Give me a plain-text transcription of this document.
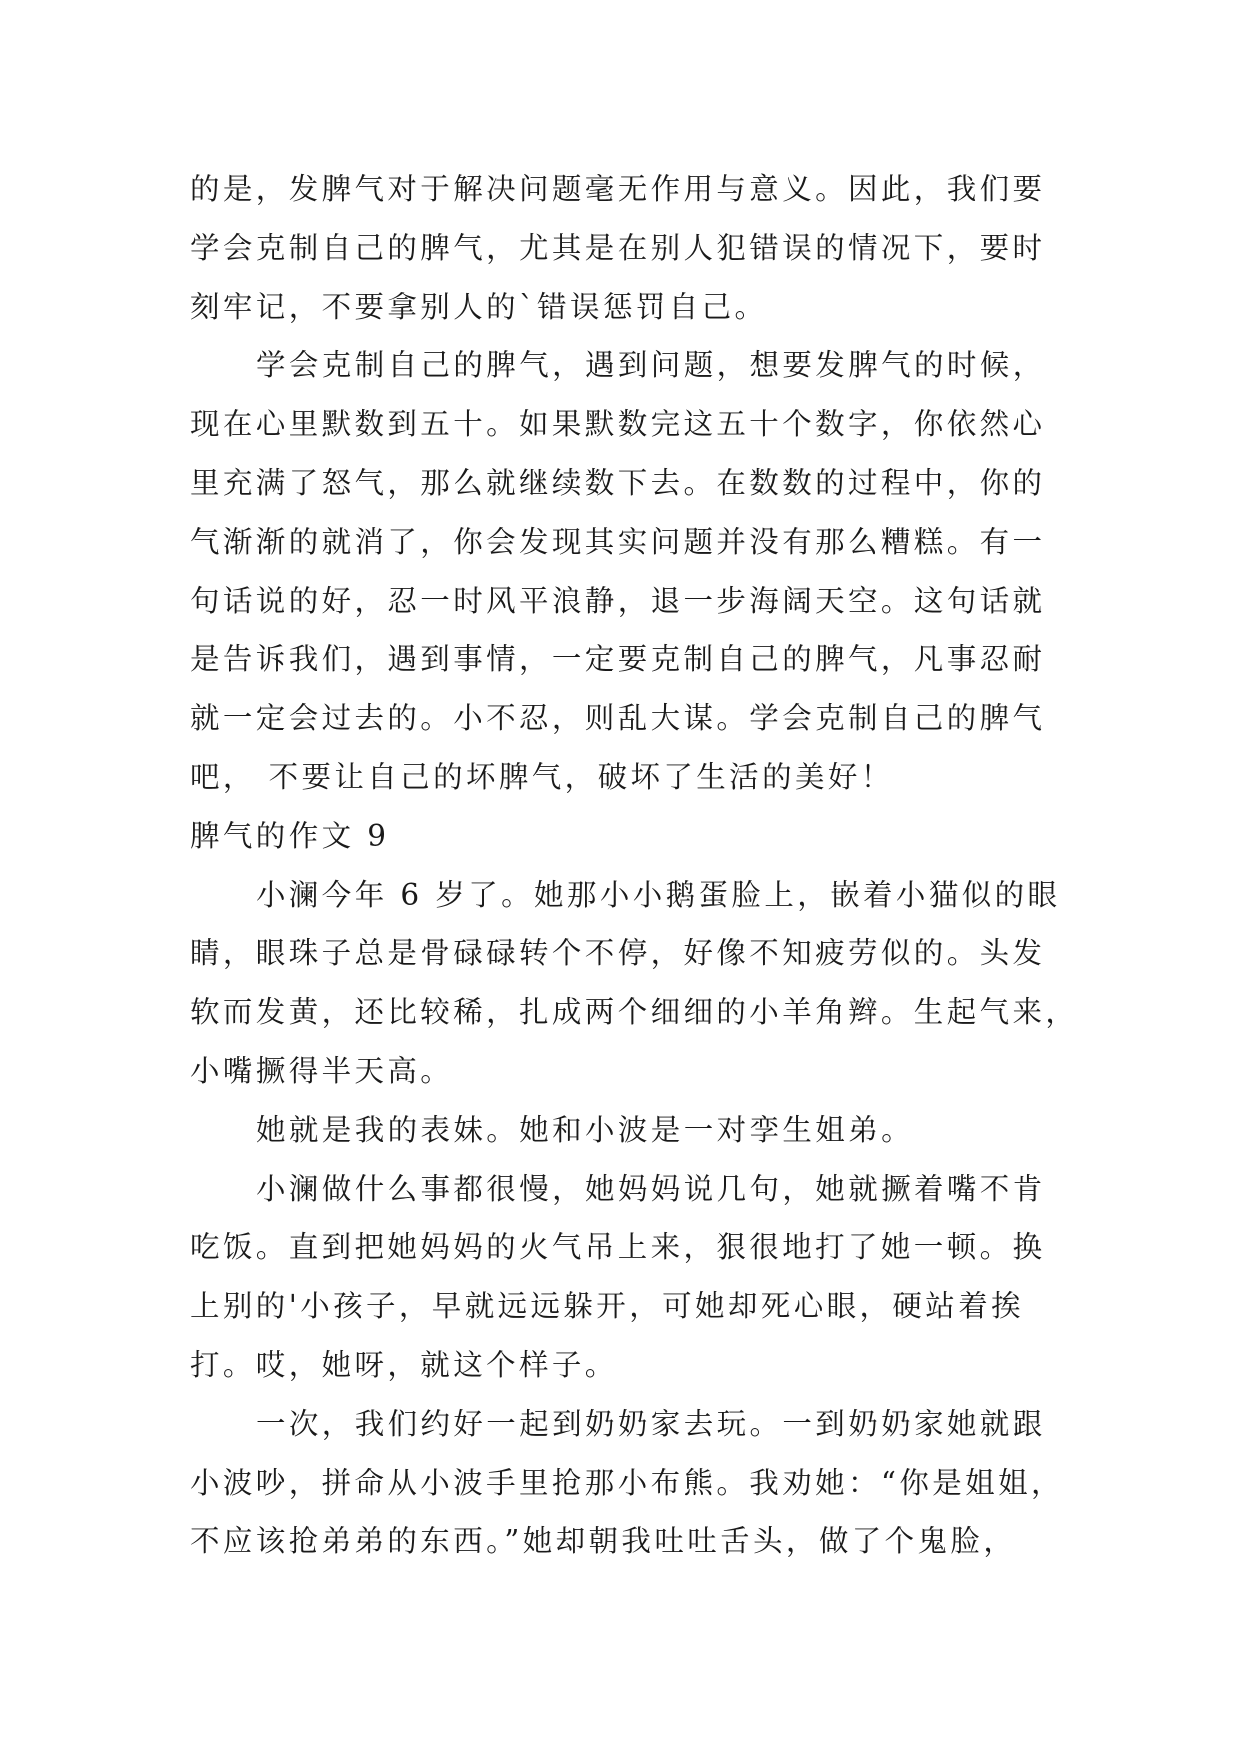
的是，发脾气对于解决问题毫无作用与意义。因此，我们要

学会克制自己的脾气，尤其是在别人犯错误的情况下，要时

刻牢记，不要拿别人的`错误惩罚自己。

学会克制自己的脾气，遇到问题，想要发脾气的时候，

现在心里默数到五十。如果默数完这五十个数字，你依然心

里充满了怒气，那么就继续数下去。在数数的过程中，你的

气渐渐的就消了，你会发现其实问题并没有那么糟糕。有一

句话说的好，忍一时风平浪静，退一步海阔天空。这句话就

是告诉我们，遇到事情，一定要克制自己的脾气，凡事忍耐

就一定会过去的。小不忍，则乱大谋。学会克制自己的脾气

吧， 不要让自己的坏脾气，破坏了生活的美好！

脾气的作文 9

小澜今年 6 岁了。她那小小鹅蛋脸上，嵌着小猫似的眼

睛，眼珠子总是骨碌碌转个不停，好像不知疲劳似的。头发

软而发黄，还比较稀，扎成两个细细的小羊角辫。生起气来，

小嘴撅得半天高。

她就是我的表妹。她和小波是一对孪生姐弟。

小澜做什么事都很慢，她妈妈说几句，她就撅着嘴不肯

吃饭。直到把她妈妈的火气吊上来，狠很地打了她一顿。换

上别的'小孩子，早就远远躲开，可她却死心眼，硬站着挨

打。哎，她呀，就这个样子。

一次，我们约好一起到奶奶家去玩。一到奶奶家她就跟

小波吵，拼命从小波手里抢那小布熊。我劝她：“你是姐姐，

不应该抢弟弟的东西。”她却朝我吐吐舌头，做了个鬼脸，
